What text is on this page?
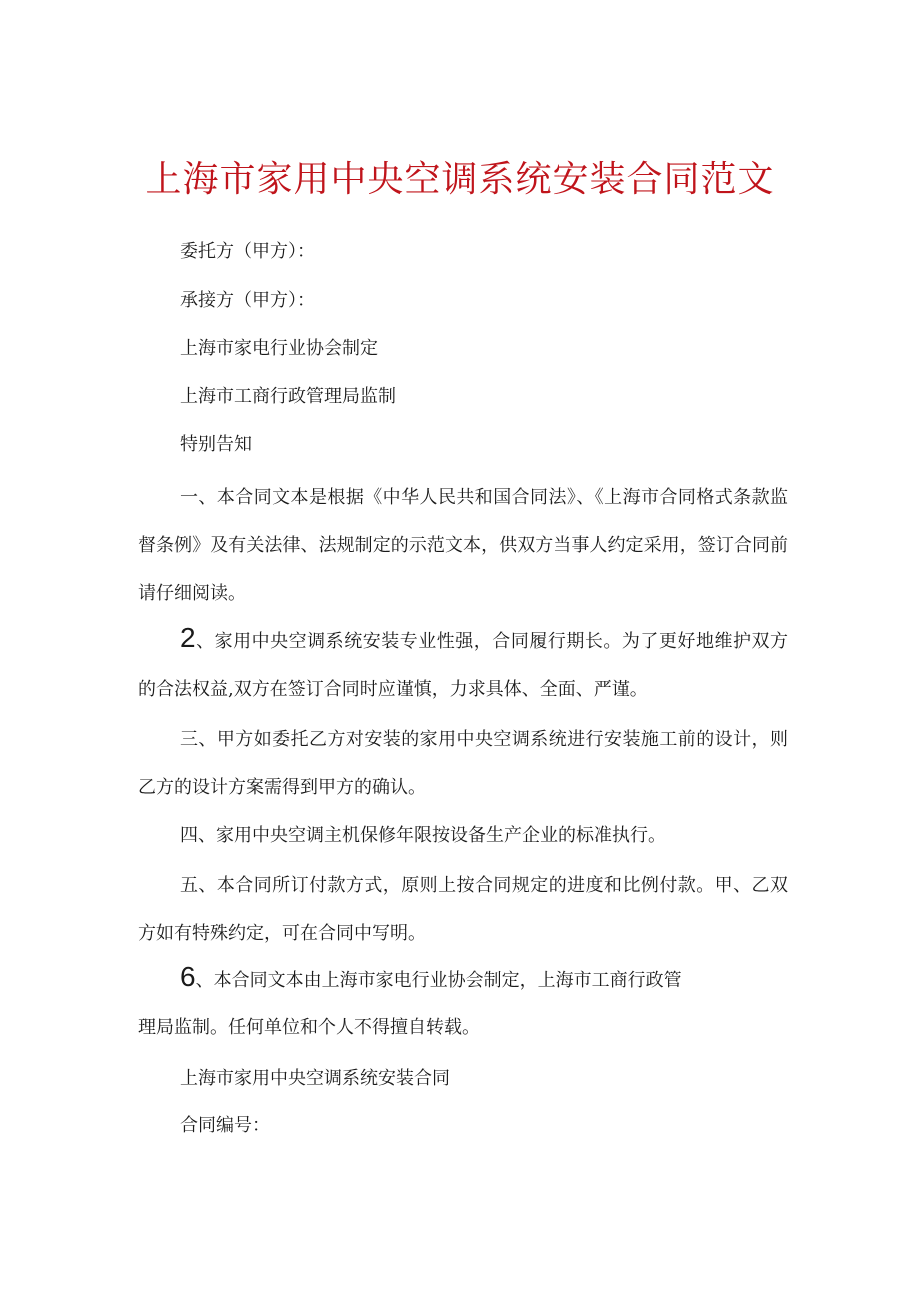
上海市家用中央空调系统安装合同范文
委托方（甲方）：
承接方（甲方）：
上海市家电行业协会制定
上海市工商行政管理局监制
特别告知

一、本合同文本是根据《中华人民共和国合同法》、《上海市合同格式条款监督条例》及有关法律、法规制定的示范文本，供双方当事人约定采用，签订合同前请仔细阅读。

2、家用中央空调系统安装专业性强，合同履行期长。为了更好地维护双方的合法权益,双方在签订合同时应谨慎，力求具体、全面、严谨。

三、甲方如委托乙方对安装的家用中央空调系统进行安装施工前的设计，则乙方的设计方案需得到甲方的确认。

四、家用中央空调主机保修年限按设备生产企业的标准执行。

五、本合同所订付款方式，原则上按合同规定的进度和比例付款。甲、乙双方如有特殊约定，可在合同中写明。

6、本合同文本由上海市家电行业协会制定，上海市工商行政管

理局监制。任何单位和个人不得擅自转载。
上海市家用中央空调系统安装合同
合同编号：
